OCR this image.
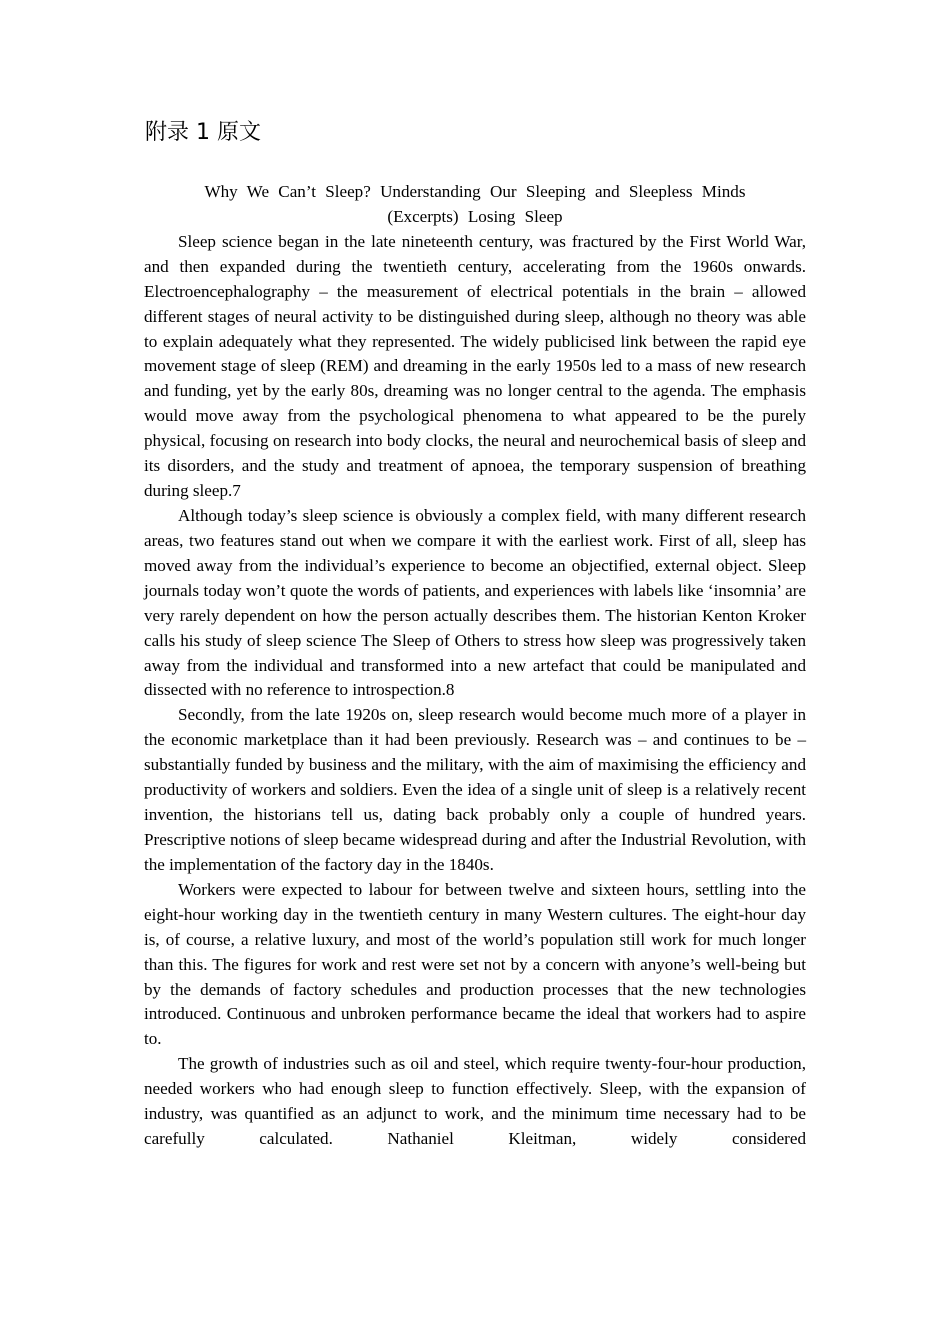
附录 1 原文

Why We Can’t Sleep? Understanding Our Sleeping and Sleepless Minds
(Excerpts) Losing Sleep

Sleep science began in the late nineteenth century, was fractured by the First World War, and then expanded during the twentieth century, accelerating from the 1960s onwards. Electroencephalography – the measurement of electrical potentials in the brain – allowed different stages of neural activity to be distinguished during sleep, although no theory was able to explain adequately what they represented. The widely publicised link between the rapid eye movement stage of sleep (REM) and dreaming in the early 1950s led to a mass of new research and funding, yet by the early 80s, dreaming was no longer central to the agenda. The emphasis would move away from the psychological phenomena to what appeared to be the purely physical, focusing on research into body clocks, the neural and neurochemical basis of sleep and its disorders, and the study and treatment of apnoea, the temporary suspension of breathing during sleep.7

Although today’s sleep science is obviously a complex field, with many different research areas, two features stand out when we compare it with the earliest work. First of all, sleep has moved away from the individual’s experience to become an objectified, external object. Sleep journals today won’t quote the words of patients, and experiences with labels like ‘insomnia’ are very rarely dependent on how the person actually describes them. The historian Kenton Kroker calls his study of sleep science The Sleep of Others to stress how sleep was progressively taken away from the individual and transformed into a new artefact that could be manipulated and dissected with no reference to introspection.8

Secondly, from the late 1920s on, sleep research would become much more of a player in the economic marketplace than it had been previously. Research was – and continues to be – substantially funded by business and the military, with the aim of maximising the efficiency and productivity of workers and soldiers. Even the idea of a single unit of sleep is a relatively recent invention, the historians tell us, dating back probably only a couple of hundred years. Prescriptive notions of sleep became widespread during and after the Industrial Revolution, with the implementation of the factory day in the 1840s.

Workers were expected to labour for between twelve and sixteen hours, settling into the eight-hour working day in the twentieth century in many Western cultures. The eight-hour day is, of course, a relative luxury, and most of the world’s population still work for much longer than this. The figures for work and rest were set not by a concern with anyone’s well-being but by the demands of factory schedules and production processes that the new technologies introduced. Continuous and unbroken performance became the ideal that workers had to aspire to.

The growth of industries such as oil and steel, which require twenty-four-hour production, needed workers who had enough sleep to function effectively. Sleep, with the expansion of industry, was quantified as an adjunct to work, and the minimum time necessary had to be carefully calculated. Nathaniel Kleitman, widely considered
